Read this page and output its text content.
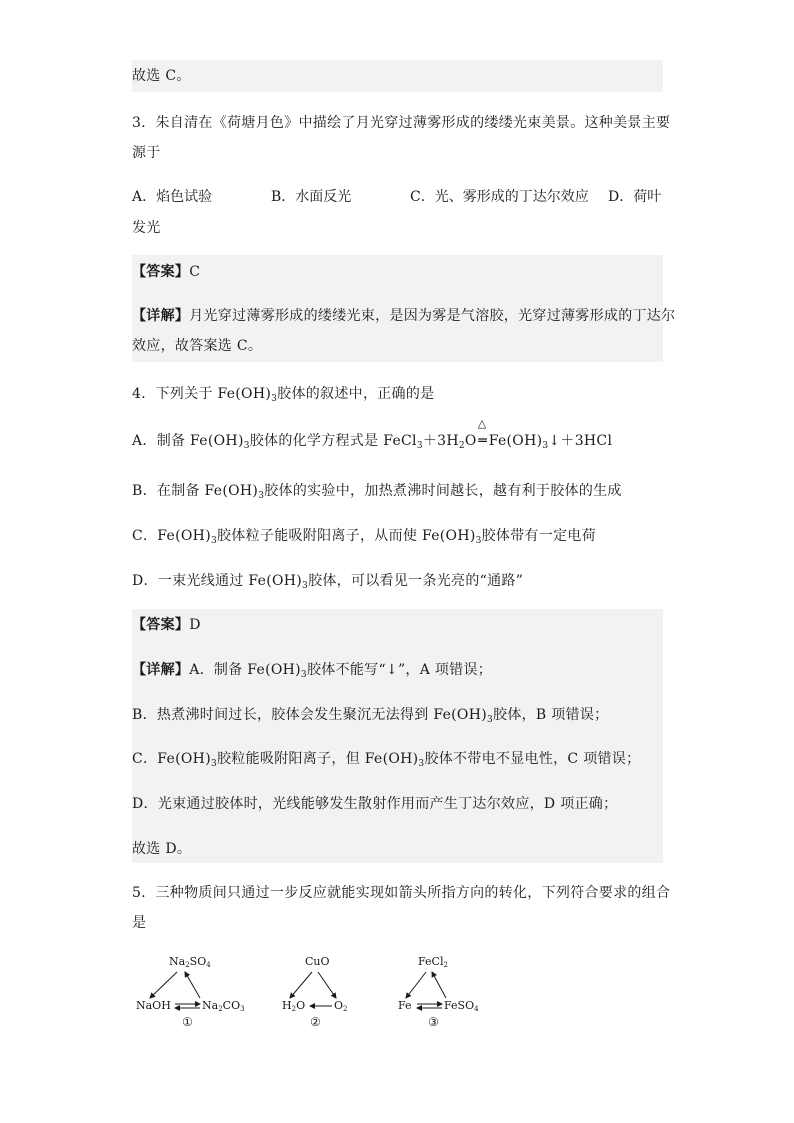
故选 C。
3．朱自清在《荷塘月色》中描绘了月光穿过薄雾形成的缕缕光束美景。这种美景主要
源于
A．焰色试验	B．水面反光	C．光、雾形成的丁达尔效应 D．荷叶
发光
【答案】C
【详解】月光穿过薄雾形成的缕缕光束，是因为雾是气溶胶，光穿过薄雾形成的丁达尔
效应，故答案选 C。
4．下列关于 $Fe(OH)_3$胶体的叙述中，正确的是
A．制备 $Fe(OH)_3$胶体的化学方程式是 $FeCl_3+3H_2O$
△
═ $Fe(OH)_3↓+3HCl$
B．在制备 $Fe(OH)_3$胶体的实验中，加热煮沸时间越长，越有利于胶体的生成
C．$Fe(OH)_3$胶体粒子能吸附阳离子，从而使 $Fe(OH)_3$胶体带有一定电荷
D．一束光线通过 $Fe(OH)_3$胶体，可以看见一条光亮的“通路”
【答案】D
【详解】A．制备 $Fe(OH)_3$胶体不能写“↓”，A 项错误；
B．热煮沸时间过长，胶体会发生聚沉无法得到 $Fe(OH)_3$胶体，B 项错误；
C．$Fe(OH)_3$胶粒能吸附阳离子，但 $Fe(OH)_3$胶体不带电不显电性，C 项错误；
D．光束通过胶体时，光线能够发生散射作用而产生丁达尔效应，D 项正确；
故选 D。
5．三种物质间只通过一步反应就能实现如箭头所指方向的转化，下列符合要求的组合
是
$Na_2SO_4$
NaOH	$Na_2CO_3$
①
CuO
$H_2O$	$O_2$
②
FeCl$_2$
Fe	FeSO$_4$
③
